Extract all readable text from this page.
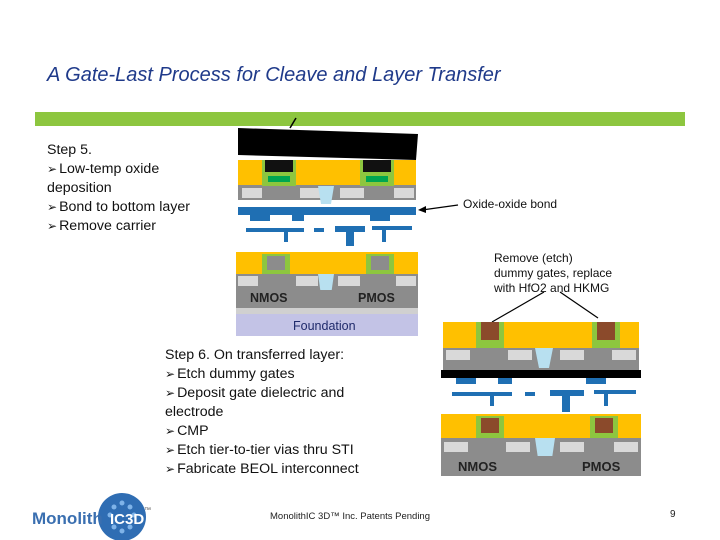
A Gate-Last Process for Cleave and Layer Transfer
Step 5.
➢ Low-temp oxide
deposition
➢ Bond to bottom layer
➢ Remove carrier
Step 6. On transferred layer:
➢ Etch dummy gates
➢ Deposit gate dielectric and
electrode
➢ CMP
➢ Etch tier-to-tier vias thru STI
➢ Fabricate BEOL interconnect
Oxide-oxide bond
Remove (etch)
dummy gates, replace
with HfO2 and HKMG
NMOS	PMOS
Foundation
NMOS	PMOS
Monolith IC3D
™
MonolithIC 3D™ Inc. Patents Pending	9
